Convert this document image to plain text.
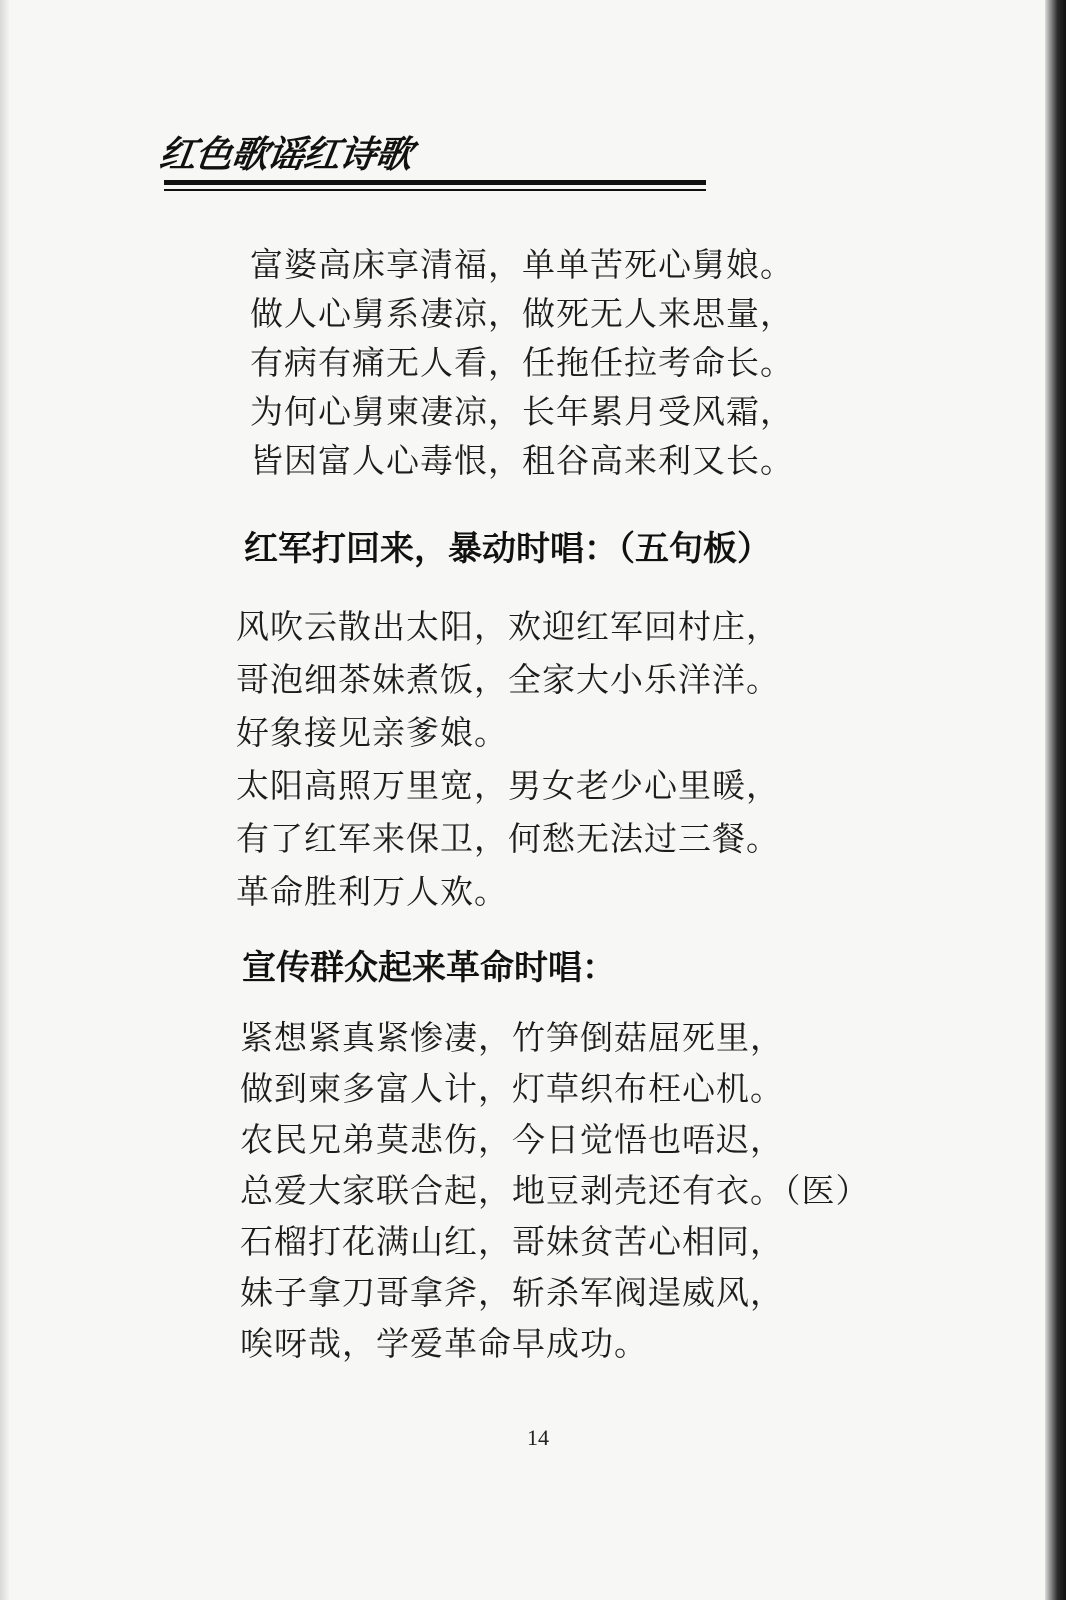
红色歌谣红诗歌
富婆高床享清福，单单苦死心舅娘。
做人心舅系凄凉，做死无人来思量，
有病有痛无人看，任拖任拉考命长。
为何心舅柬凄凉，长年累月受风霜，
皆因富人心毒恨，租谷高来利又长。
红军打回来，暴动时唱：（五句板）
风吹云散出太阳，欢迎红军回村庄，
哥泡细茶妹煮饭，全家大小乐洋洋。
好象接见亲爹娘。
太阳高照万里宽，男女老少心里暖，
有了红军来保卫，何愁无法过三餐。
革命胜利万人欢。
宣传群众起来革命时唱：
紧想紧真紧惨凄，竹笋倒菇屈死里，
做到柬多富人计，灯草织布枉心机。
农民兄弟莫悲伤，今日觉悟也唔迟，
总爱大家联合起，地豆剥壳还有衣。（医）
石榴打花满山红，哥妹贫苦心相同，
妹子拿刀哥拿斧，斩杀军阀逞威风，
唉呀哉，学爱革命早成功。
14
